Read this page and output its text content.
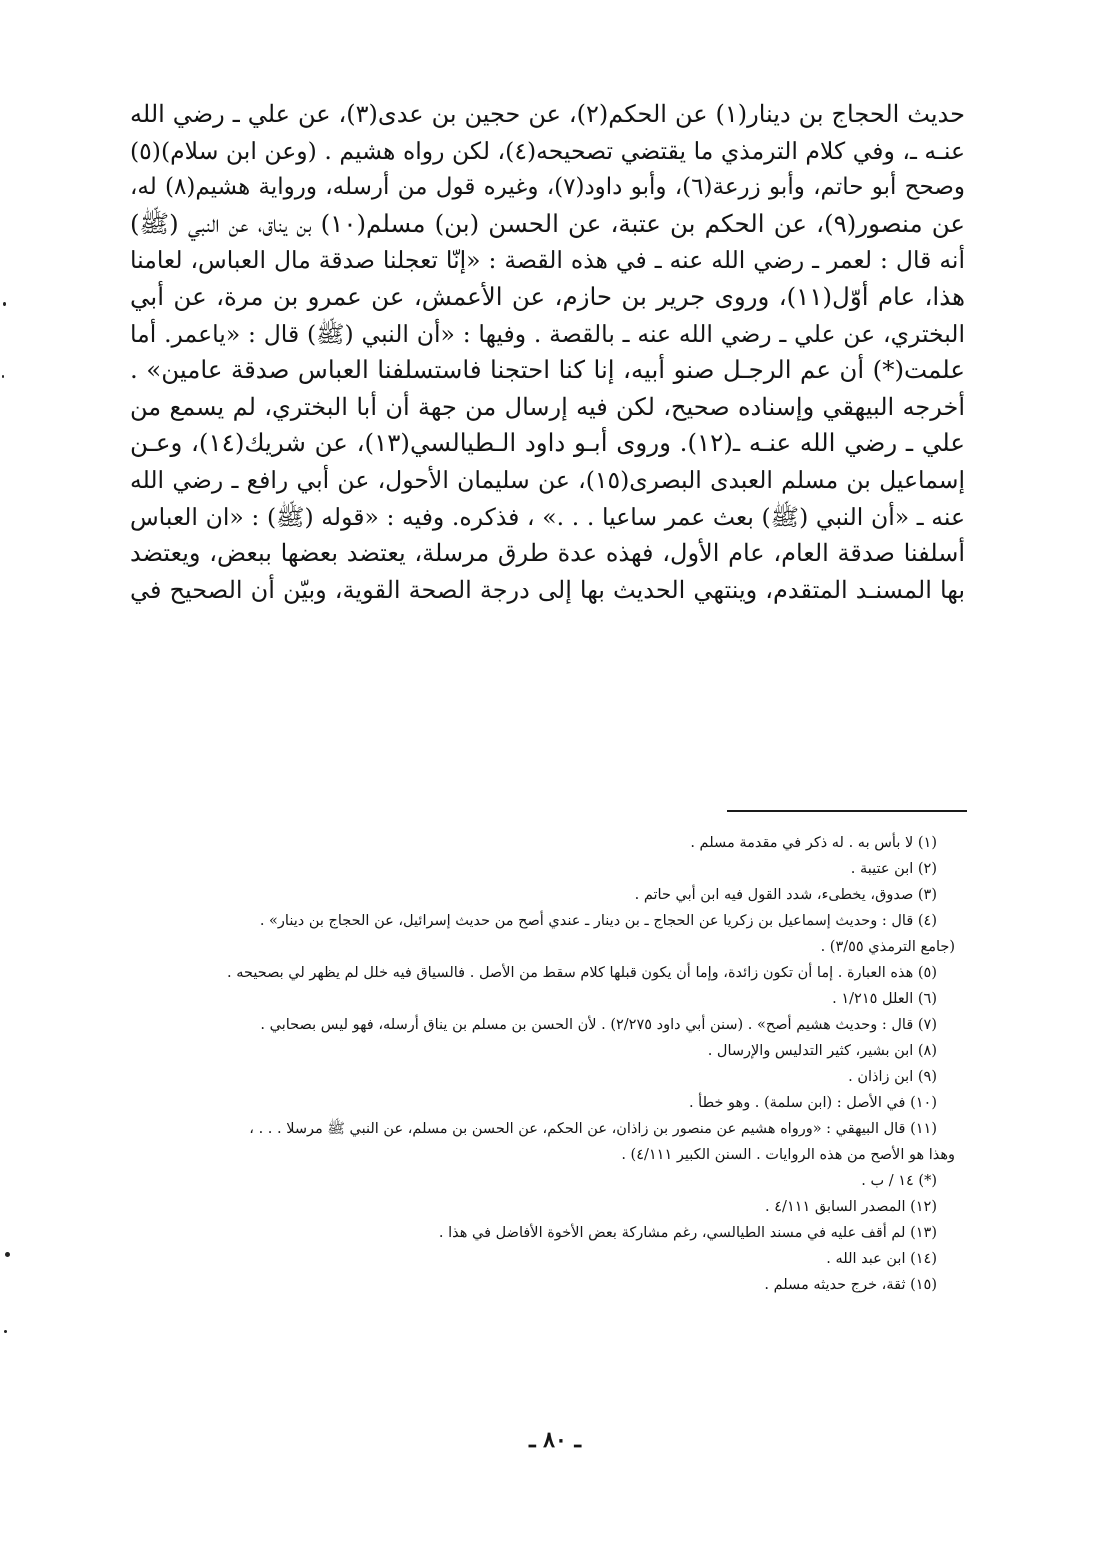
حديث الحجاج بن دينار(١) عن الحكم(٢)، عن حجين بن عدى(٣)، عن علي ـ رضي الله
عنـه ـ، وفي كلام الترمذي ما يقتضي تصحيحه(٤)، لكن رواه هشيم . (وعن ابن سلام)(٥)
وصحح أبو حاتم، وأبو زرعة(٦)، وأبو داود(٧)، وغيره قول من أرسله، ورواية هشيم(٨) له،
عن منصور(٩)، عن الحكم بن عتبة، عن الحسن (بن) مسلم(١٠) بن يناق، عن النبي (ﷺ)
أنه قال : لعمر ـ رضي الله عنه ـ في هذه القصة : «إنّا تعجلنا صدقة مال العباس، لعامنا
هذا، عام أوّل(١١)، وروى جرير بن حازم، عن الأعمش، عن عمرو بن مرة، عن أبي
البختري، عن علي ـ رضي الله عنه ـ بالقصة . وفيها : «أن النبي (ﷺ) قال : «ياعمر. أما
علمت(*) أن عم الرجـل صنو أبيه، إنا كنا احتجنا فاستسلفنا العباس صدقة عامين» .
أخرجه البيهقي وإسناده صحيح، لكن فيه إرسال من جهة أن أبا البختري، لم يسمع من
علي ـ رضي الله عنـه ـ(١٢). وروى أبـو داود الـطيالسي(١٣)، عن شريك(١٤)، وعـن
إسماعيل بن مسلم العبدى البصرى(١٥)، عن سليمان الأحول، عن أبي رافع ـ رضي الله
عنه ـ «أن النبي (ﷺ) بعث عمر ساعيا . . .» ، فذكره. وفيه : «قوله (ﷺ) : «ان العباس
أسلفنا صدقة العام، عام الأول، فهذه عدة طرق مرسلة، يعتضد بعضها ببعض، ويعتضد
بها المسنـد المتقدم، وينتهي الحديث بها إلى درجة الصحة القوية، وبيّن أن الصحيح في
(١) لا بأس به . له ذكر في مقدمة مسلم .
(٢) ابن عتيبة .
(٣) صدوق، يخطىء، شدد القول فيه ابن أبي حاتم .
(٤) قال : وحديث إسماعيل بن زكريا عن الحجاج ـ بن دينار ـ عندي أصح من حديث إسرائيل، عن الحجاج بن دينار» .
(جامع الترمذي ٣/٥٥) .
(٥) هذه العبارة . إما أن تكون زائدة، وإما أن يكون قبلها كلام سقط من الأصل . فالسياق فيه خلل لم يظهر لي بصحيحه .
(٦) العلل ١/٢١٥ .
(٧) قال : وحديث هشيم أصح» . (سنن أبي داود ٢/٢٧٥) . لأن الحسن بن مسلم بن يناق أرسله، فهو ليس بصحابي .
(٨) ابن بشير، كثير التدليس والإرسال .
(٩) ابن زاذان .
(١٠) في الأصل : (ابن سلمة) . وهو خطأ .
(١١) قال البيهقي : «ورواه هشيم عن منصور بن زاذان، عن الحكم، عن الحسن بن مسلم، عن النبي ﷺ مرسلا . . . ،
وهذا هو الأصح من هذه الروايات . السنن الكبير ٤/١١١) .
(*) ١٤ / ب .
(١٢) المصدر السابق ٤/١١١ .
(١٣) لم أقف عليه في مسند الطيالسي، رغم مشاركة بعض الأخوة الأفاضل في هذا .
(١٤) ابن عبد الله .
(١٥) ثقة، خرج حديثه مسلم .
ـ ٨٠ ـ
